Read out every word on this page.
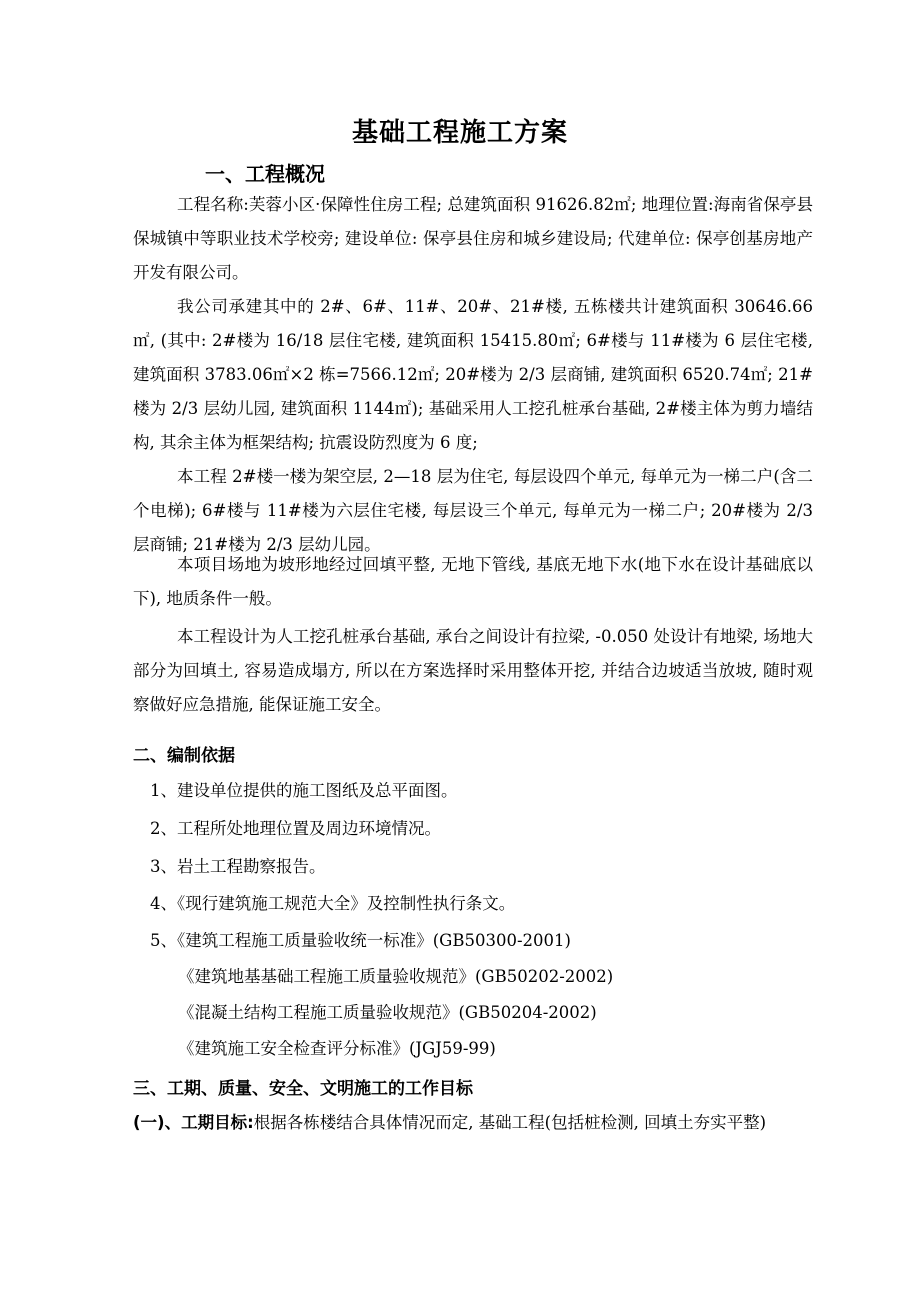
基础工程施工方案
一、工程概况

工程名称:芙蓉小区·保障性住房工程; 总建筑面积 91626.82㎡; 地理位置:海南省保亭县保城镇中等职业技术学校旁; 建设单位: 保亭县住房和城乡建设局; 代建单位: 保亭创基房地产开发有限公司。

我公司承建其中的 2#、6#、11#、20#、21#楼, 五栋楼共计建筑面积 30646.66㎡, (其中: 2#楼为 16/18 层住宅楼, 建筑面积 15415.80㎡; 6#楼与 11#楼为 6 层住宅楼, 建筑面积 3783.06㎡×2 栋=7566.12㎡; 20#楼为 2/3 层商铺, 建筑面积 6520.74㎡; 21#楼为 2/3 层幼儿园, 建筑面积 1144㎡); 基础采用人工挖孔桩承台基础, 2#楼主体为剪力墙结构, 其余主体为框架结构; 抗震设防烈度为 6 度;

本工程 2#楼一楼为架空层, 2—18 层为住宅, 每层设四个单元, 每单元为一梯二户(含二个电梯); 6#楼与 11#楼为六层住宅楼, 每层设三个单元, 每单元为一梯二户; 20#楼为 2/3 层商铺; 21#楼为 2/3 层幼儿园。

本项目场地为坡形地经过回填平整, 无地下管线, 基底无地下水(地下水在设计基础底以下), 地质条件一般。

本工程设计为人工挖孔桩承台基础, 承台之间设计有拉梁, -0.050 处设计有地梁, 场地大部分为回填土, 容易造成塌方, 所以在方案选择时采用整体开挖, 并结合边坡适当放坡, 随时观察做好应急措施, 能保证施工安全。

二、编制依据
1、建设单位提供的施工图纸及总平面图。
2、工程所处地理位置及周边环境情况。
3、岩土工程勘察报告。
4、《现行建筑施工规范大全》及控制性执行条文。
5、《建筑工程施工质量验收统一标准》(GB50300-2001)
《建筑地基基础工程施工质量验收规范》(GB50202-2002)
《混凝土结构工程施工质量验收规范》(GB50204-2002)
《建筑施工安全检查评分标准》(JGJ59-99)
三、工期、质量、安全、文明施工的工作目标

(一)、工期目标:根据各栋楼结合具体情况而定, 基础工程(包括桩检测, 回填土夯实平整)
